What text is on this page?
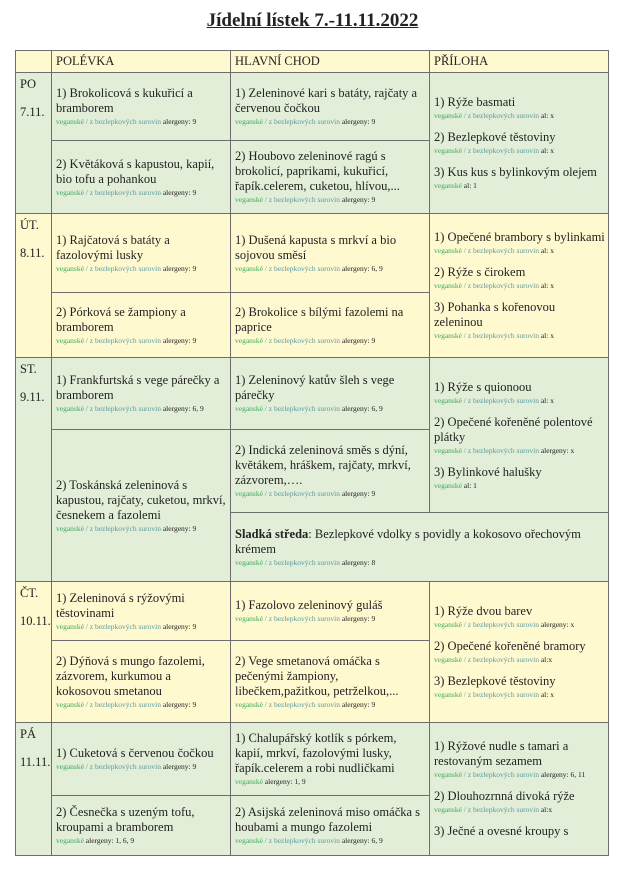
Jídelní lístek 7.-11.11.2022
POLÉVKA	HLAVNÍ CHOD	PŘÍLOHA
PO

7.11.
1) Brokolicová s kukuřicí a bramborem
veganské / z bezlepkových surovin alergeny: 9
2) Květáková s kapustou, kapií, bio tofu a pohankou
veganské / z bezlepkových surovin alergeny: 9
1) Zeleninové kari s batáty, rajčaty a červenou čočkou
veganské / z bezlepkových surovin alergeny: 9
2) Houbovo zeleninové ragú s brokolicí, paprikami, kukuřicí, řapík.celerem, cuketou, hlívou,...
veganské / z bezlepkových surovin alergeny: 9
1) Rýže basmati
veganské / z bezlepkových surovin al: x
2) Bezlepkové těstoviny
veganské / z bezlepkových surovin al: x
3) Kus kus s bylinkovým olejem
veganské al: 1
ÚT.

8.11.
1) Rajčatová s batáty a fazolovými lusky
veganské / z bezlepkových surovin alergeny: 9
2) Pórková se žampiony a bramborem
veganské / z bezlepkových surovin alergeny: 9
1) Dušená kapusta s mrkví a bio sojovou směsí
veganské / z bezlepkových surovin alergeny: 6, 9
2) Brokolice s bílými fazolemi na paprice
veganské / z bezlepkových surovin alergeny: 9
1) Opečené brambory s bylinkami
veganské / z bezlepkových surovin al: x
2) Rýže s čirokem
veganské / z bezlepkových surovin al: x
3) Pohanka s kořenovou zeleninou
veganské / z bezlepkových surovin al: x
ST.

9.11.
1) Frankfurtská s vege párečky a bramborem
veganské / z bezlepkových surovin alergeny: 6, 9
2) Toskánská zeleninová s kapustou, rajčaty, cuketou, mrkví, česnekem a fazolemi
veganské / z bezlepkových surovin alergeny: 9
1) Zeleninový katův šleh s vege párečky
veganské / z bezlepkových surovin alergeny: 6, 9
2) Indická zeleninová směs s dýní, květákem, hráškem, rajčaty, mrkví, zázvorem,….
veganské / z bezlepkových surovin alergeny: 9
1) Rýže s quionoou
veganské / z bezlepkových surovin al: x
2) Opečené kořeněné polentové plátky
veganské / z bezlepkových surovin alergeny: x
3) Bylinkové halušky
veganské al: 1
Sladká středa: Bezlepkové vdolky s povidly a kokosovo ořechovým krémem
veganské / z bezlepkových surovin alergeny: 8
ČT.

10.11.
1) Zeleninová s rýžovými těstovinami
veganské / z bezlepkových surovin alergeny: 9
2) Dýňová s mungo fazolemi, zázvorem, kurkumou a kokosovou smetanou
veganské / z bezlepkových surovin alergeny: 9
1) Fazolovo zeleninový guláš
veganské / z bezlepkových surovin alergeny: 9
2) Vege smetanová omáčka s pečenými žampiony, libečkem,pažitkou, petrželkou,...
veganské / z bezlepkových surovin alergeny: 9
1) Rýže dvou barev
veganské / z bezlepkových surovin alergeny: x
2) Opečené kořeněné bramory
veganské / z bezlepkových surovin al:x
3) Bezlepkové těstoviny
veganské / z bezlepkových surovin al: x
PÁ

11.11.
1) Cuketová s červenou čočkou
veganské / z bezlepkových surovin alergeny: 9
2) Česnečka s uzeným tofu, kroupami a bramborem
veganské alergeny: 1, 6, 9
1) Chalupářský kotlík s pórkem, kapií, mrkví, fazolovými lusky, řapík.celerem a robi nudličkami
veganské alergeny: 1, 9
2) Asijská zeleninová miso omáčka s houbami a mungo fazolemi
veganské / z bezlepkových surovin alergeny: 6, 9
1) Rýžové nudle s tamari a restovaným sezamem
veganské / z bezlepkových surovin alergeny: 6, 11
2) Dlouhozrnná divoká rýže
veganské / z bezlepkových surovin al:x
3) Ječné a ovesné kroupy s
